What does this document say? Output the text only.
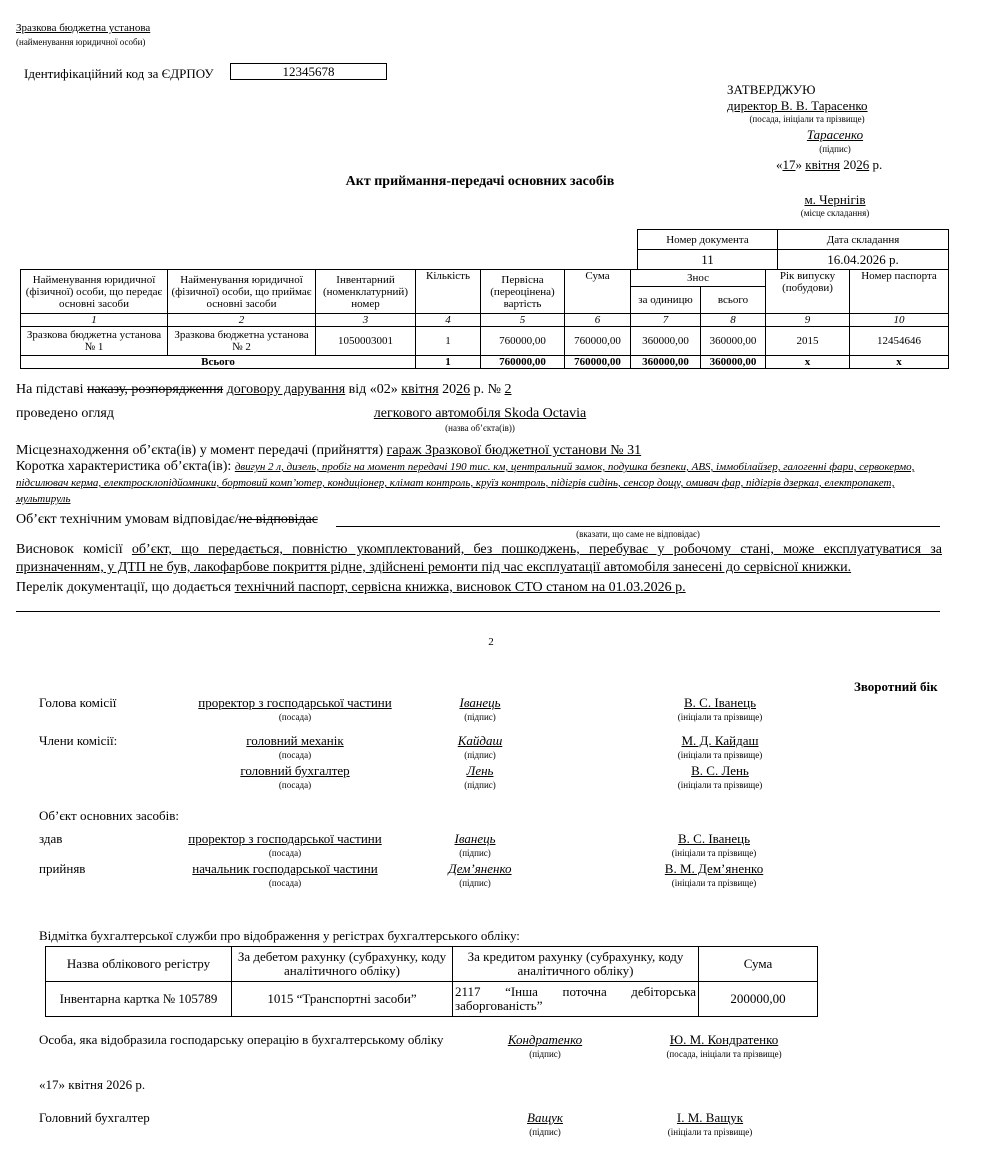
Зразкова бюджетна установа
(найменування юридичної особи)
Ідентифікаційний код за ЄДРПОУ	12345678
ЗАТВЕРДЖУЮ
директор В. В. Тарасенко
(посада, ініціали та прізвище)
Тарасенко
(підпис)
«17» квітня 2026 р.
Акт приймання-передачі основних засобів
м. Чернігів
(місце складання)
Номер документа	Дата складання
11	16.04.2026 р.
Найменування юридичної (фізичної) особи, що передає основні засоби	Найменування юридичної (фізичної) особи, що приймає основні засоби	Інвентарний (номенклатурний) номер	Кількість	Первісна (переоцінена) вартість	Сума	Знос		Рік випуску (побудови)	Номер паспорта
						за одиницю	всього		
1	2	3	4	5	6	7	8	9	10
Зразкова бюджетна установа № 1	Зразкова бюджетна установа № 2	1050003001	1	760000,00	760000,00	360000,00	360000,00	2015	12454646
Всього			1	760000,00	760000,00	360000,00	360000,00	х	х
На підставі наказу, розпорядження договору дарування від «02» квітня 2026 р. № 2
проведено огляд	легкового автомобіля Skoda Octavia
(назва об’єкта(ів))
Місцезнаходження об’єкта(ів) у момент передачі (прийняття) гараж Зразкової бюджетної установи № 31
Коротка характеристика об’єкта(ів): двигун 2 л, дизель, пробіг на момент передачі 190 тис. км, центральний замок, подушка безпеки, ABS, іммобілайзер, галогенні фари, сервокермо, підсилювач керма, електросклопідйомники, бортовий комп’ютер, кондиціонер, клімат контроль, круїз контроль, підігрів сидінь, сенсор дощу, омивач фар, підігрів дзеркал, електропакет, мультируль
Об’єкт технічним умовам відповідає/не відповідає
(вказати, що саме не відповідає)
Висновок комісії об’єкт, що передається, повністю укомплектований, без пошкоджень, перебуває у робочому стані, може експлуатуватися за призначенням, у ДТП не був, лакофарбове покриття рідне, здійснені ремонти під час експлуатації автомобіля занесені до сервісної книжки.
Перелік документації, що додається технічний паспорт, сервісна книжка, висновок СТО станом на 01.03.2026 р.
2
Зворотний бік
Голова комісії	проректор з господарської частини
(посада)
Іванець
(підпис)
В. С. Іванець
(ініціали та прізвище)
Члени комісії:	головний механік
(посада)
Кайдаш
(підпис)
М. Д. Кайдаш
(ініціали та прізвище)
головний бухгалтер
(посада)
Лень
(підпис)
В. С. Лень
(ініціали та прізвище)
Об’єкт основних засобів:
здав	проректор з господарської частини
(посада)
Іванець
(підпис)
В. С. Іванець
(ініціали та прізвище)
прийняв	начальник господарської частини
(посада)
Дем’яненко
(підпис)
В. М. Дем’яненко
(ініціали та прізвище)
Відмітка бухгалтерської служби про відображення у регістрах бухгалтерського обліку:
Назва облікового регістру	За дебетом рахунку (субрахунку, коду аналітичного обліку)	За кредитом рахунку (субрахунку, коду аналітичного обліку)	Сума
Інвентарна картка № 105789	1015 “Транспортні засоби”	2117 “Інша поточна дебіторська заборгованість”	200000,00
Особа, яка відобразила господарську операцію в бухгалтерському обліку	Кондратенко
(підпис)
Ю. М. Кондратенко
(посада, ініціали та прізвище)
«17» квітня 2026 р.
Головний бухгалтер	Ващук
(підпис)
І. М. Ващук
(ініціали та прізвище)
